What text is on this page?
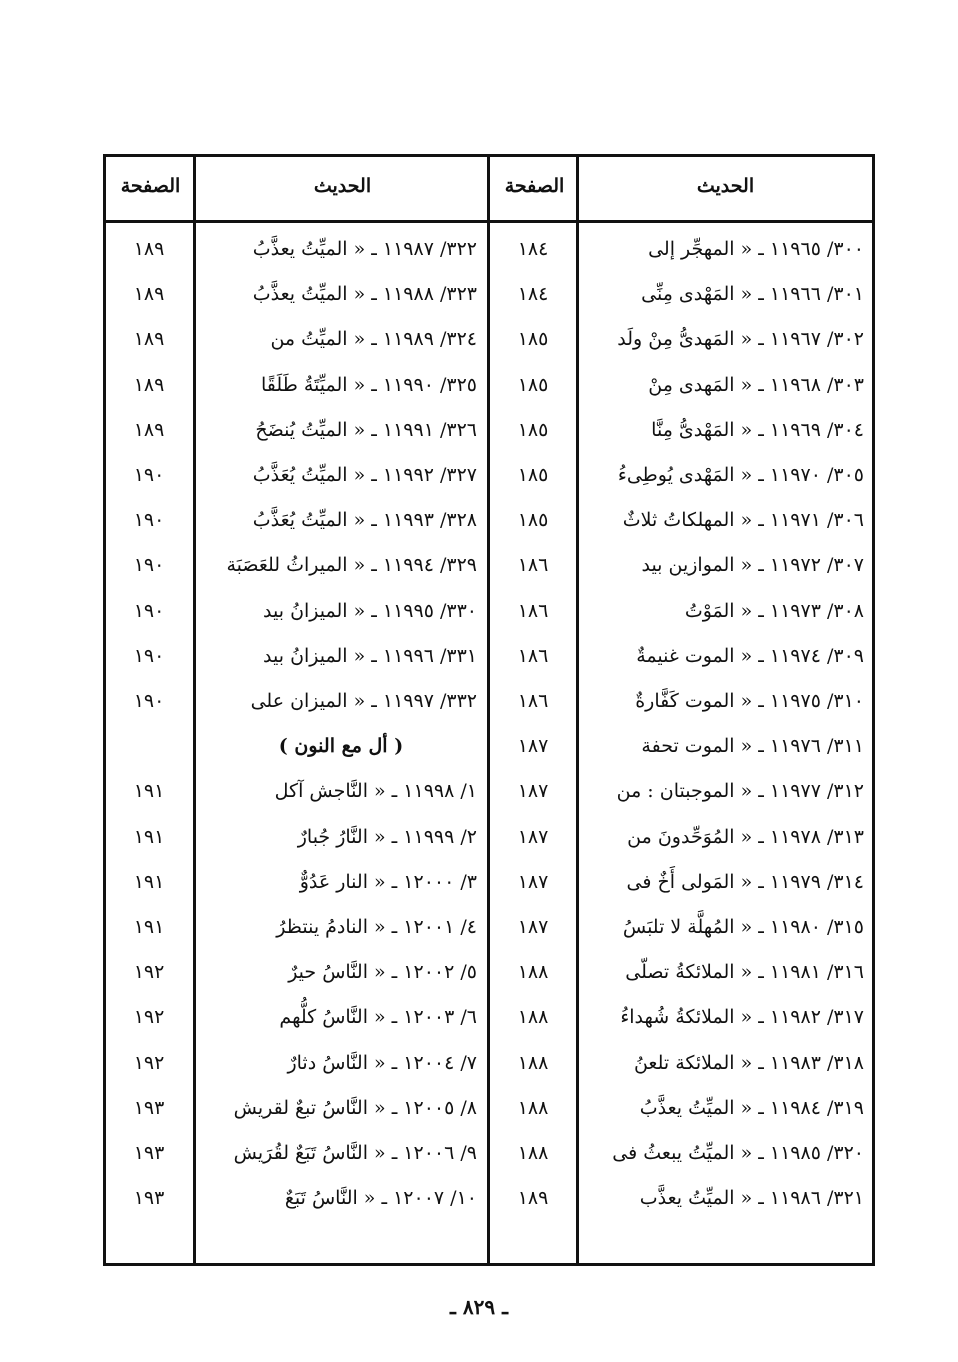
الحديث
الصفحة
الحديث
الصفحة
٣٠٠/ ١١٩٦٥ ـ « المهجِّر إلى
١٨٤
٣٠١/ ١١٩٦٦ ـ « المَهْدى مِنِّى
١٨٤
٣٠٢/ ١١٩٦٧ ـ « المَهدىُّ مِنْ ولَد
١٨٥
٣٠٣/ ١١٩٦٨ ـ « المَهدى مِنْ
١٨٥
٣٠٤/ ١١٩٦٩ ـ « المَهْدىُّ مِنَّا
١٨٥
٣٠٥/ ١١٩٧٠ ـ « المَهْدى يُوطِىءُ
١٨٥
٣٠٦/ ١١٩٧١ ـ « المهلكاتُ ثلاثٌ
١٨٥
٣٠٧/ ١١٩٧٢ ـ « الموازين بيد
١٨٦
٣٠٨/ ١١٩٧٣ ـ « المَوْتُ
١٨٦
٣٠٩/ ١١٩٧٤ ـ « الموت غنيمةٌ
١٨٦
٣١٠/ ١١٩٧٥ ـ « الموت كَفَّارةٌ
١٨٦
٣١١/ ١١٩٧٦ ـ « الموت تحفة
١٨٧
٣١٢/ ١١٩٧٧ ـ « الموجبتان : من
١٨٧
٣١٣/ ١١٩٧٨ ـ « المُوَحِّدونَ من
١٨٧
٣١٤/ ١١٩٧٩ ـ « المَولى أَخٌ فى
١٨٧
٣١٥/ ١١٩٨٠ ـ « المُهلَّة لا تلبَسُ
١٨٧
٣١٦/ ١١٩٨١ ـ « الملائكةُ تصلّى
١٨٨
٣١٧/ ١١٩٨٢ ـ « الملائكةُ شُهداءُ
١٨٨
٣١٨/ ١١٩٨٣ ـ « الملائكة تلعنُ
١٨٨
٣١٩/ ١١٩٨٤ ـ « الميِّتُ يعذَّبُ
١٨٨
٣٢٠/ ١١٩٨٥ ـ « الميِّتُ يبعثُ فى
١٨٨
٣٢١/ ١١٩٨٦ ـ « الميِّتُ يعذَّب
١٨٩
٣٢٢/ ١١٩٨٧ ـ « الميِّتُ يعذَّبُ
١٨٩
٣٢٣/ ١١٩٨٨ ـ « الميِّتُ يعذَّبُ
١٨٩
٣٢٤/ ١١٩٨٩ ـ « الميِّتُ من
١٨٩
٣٢٥/ ١١٩٩٠ ـ « الميِّتَةُ طَلَقًا
١٨٩
٣٢٦/ ١١٩٩١ ـ « الميِّتُ يُنضَحُ
١٨٩
٣٢٧/ ١١٩٩٢ ـ « الميِّتُ يُعَذَّبُ
١٩٠
٣٢٨/ ١١٩٩٣ ـ « الميِّتُ يُعَذَّبُ
١٩٠
٣٢٩/ ١١٩٩٤ ـ « الميراثُ للعَصَبَة
١٩٠
٣٣٠/ ١١٩٩٥ ـ « الميزانُ بيد
١٩٠
٣٣١/ ١١٩٩٦ ـ « الميزانُ بيد
١٩٠
٣٣٢/ ١١٩٩٧ ـ « الميزان على
١٩٠
( أل مع النون )
١/ ١١٩٩٨ ـ « النَّاجش آكل
١٩١
٢/ ١١٩٩٩ ـ « النَّارُ جُبارٌ
١٩١
٣/ ١٢٠٠٠ ـ « النار عَدُوٌّ
١٩١
٤/ ١٢٠٠١ ـ « النادمُ ينتظرُ
١٩١
٥/ ١٢٠٠٢ ـ « النَّاسُ حيرٌ
١٩٢
٦/ ١٢٠٠٣ ـ « النَّاسُ كلُّهم
١٩٢
٧/ ١٢٠٠٤ ـ « النَّاسُ دثارٌ
١٩٢
٨/ ١٢٠٠٥ ـ « النَّاسُ تبعٌ لقريش
١٩٣
٩/ ١٢٠٠٦ ـ « النَّاسُ تَبَعٌ لقُرَيش
١٩٣
١٠/ ١٢٠٠٧ ـ « النَّاسُ تَبَعٌ
١٩٣
ـ ٨٢٩ ـ
